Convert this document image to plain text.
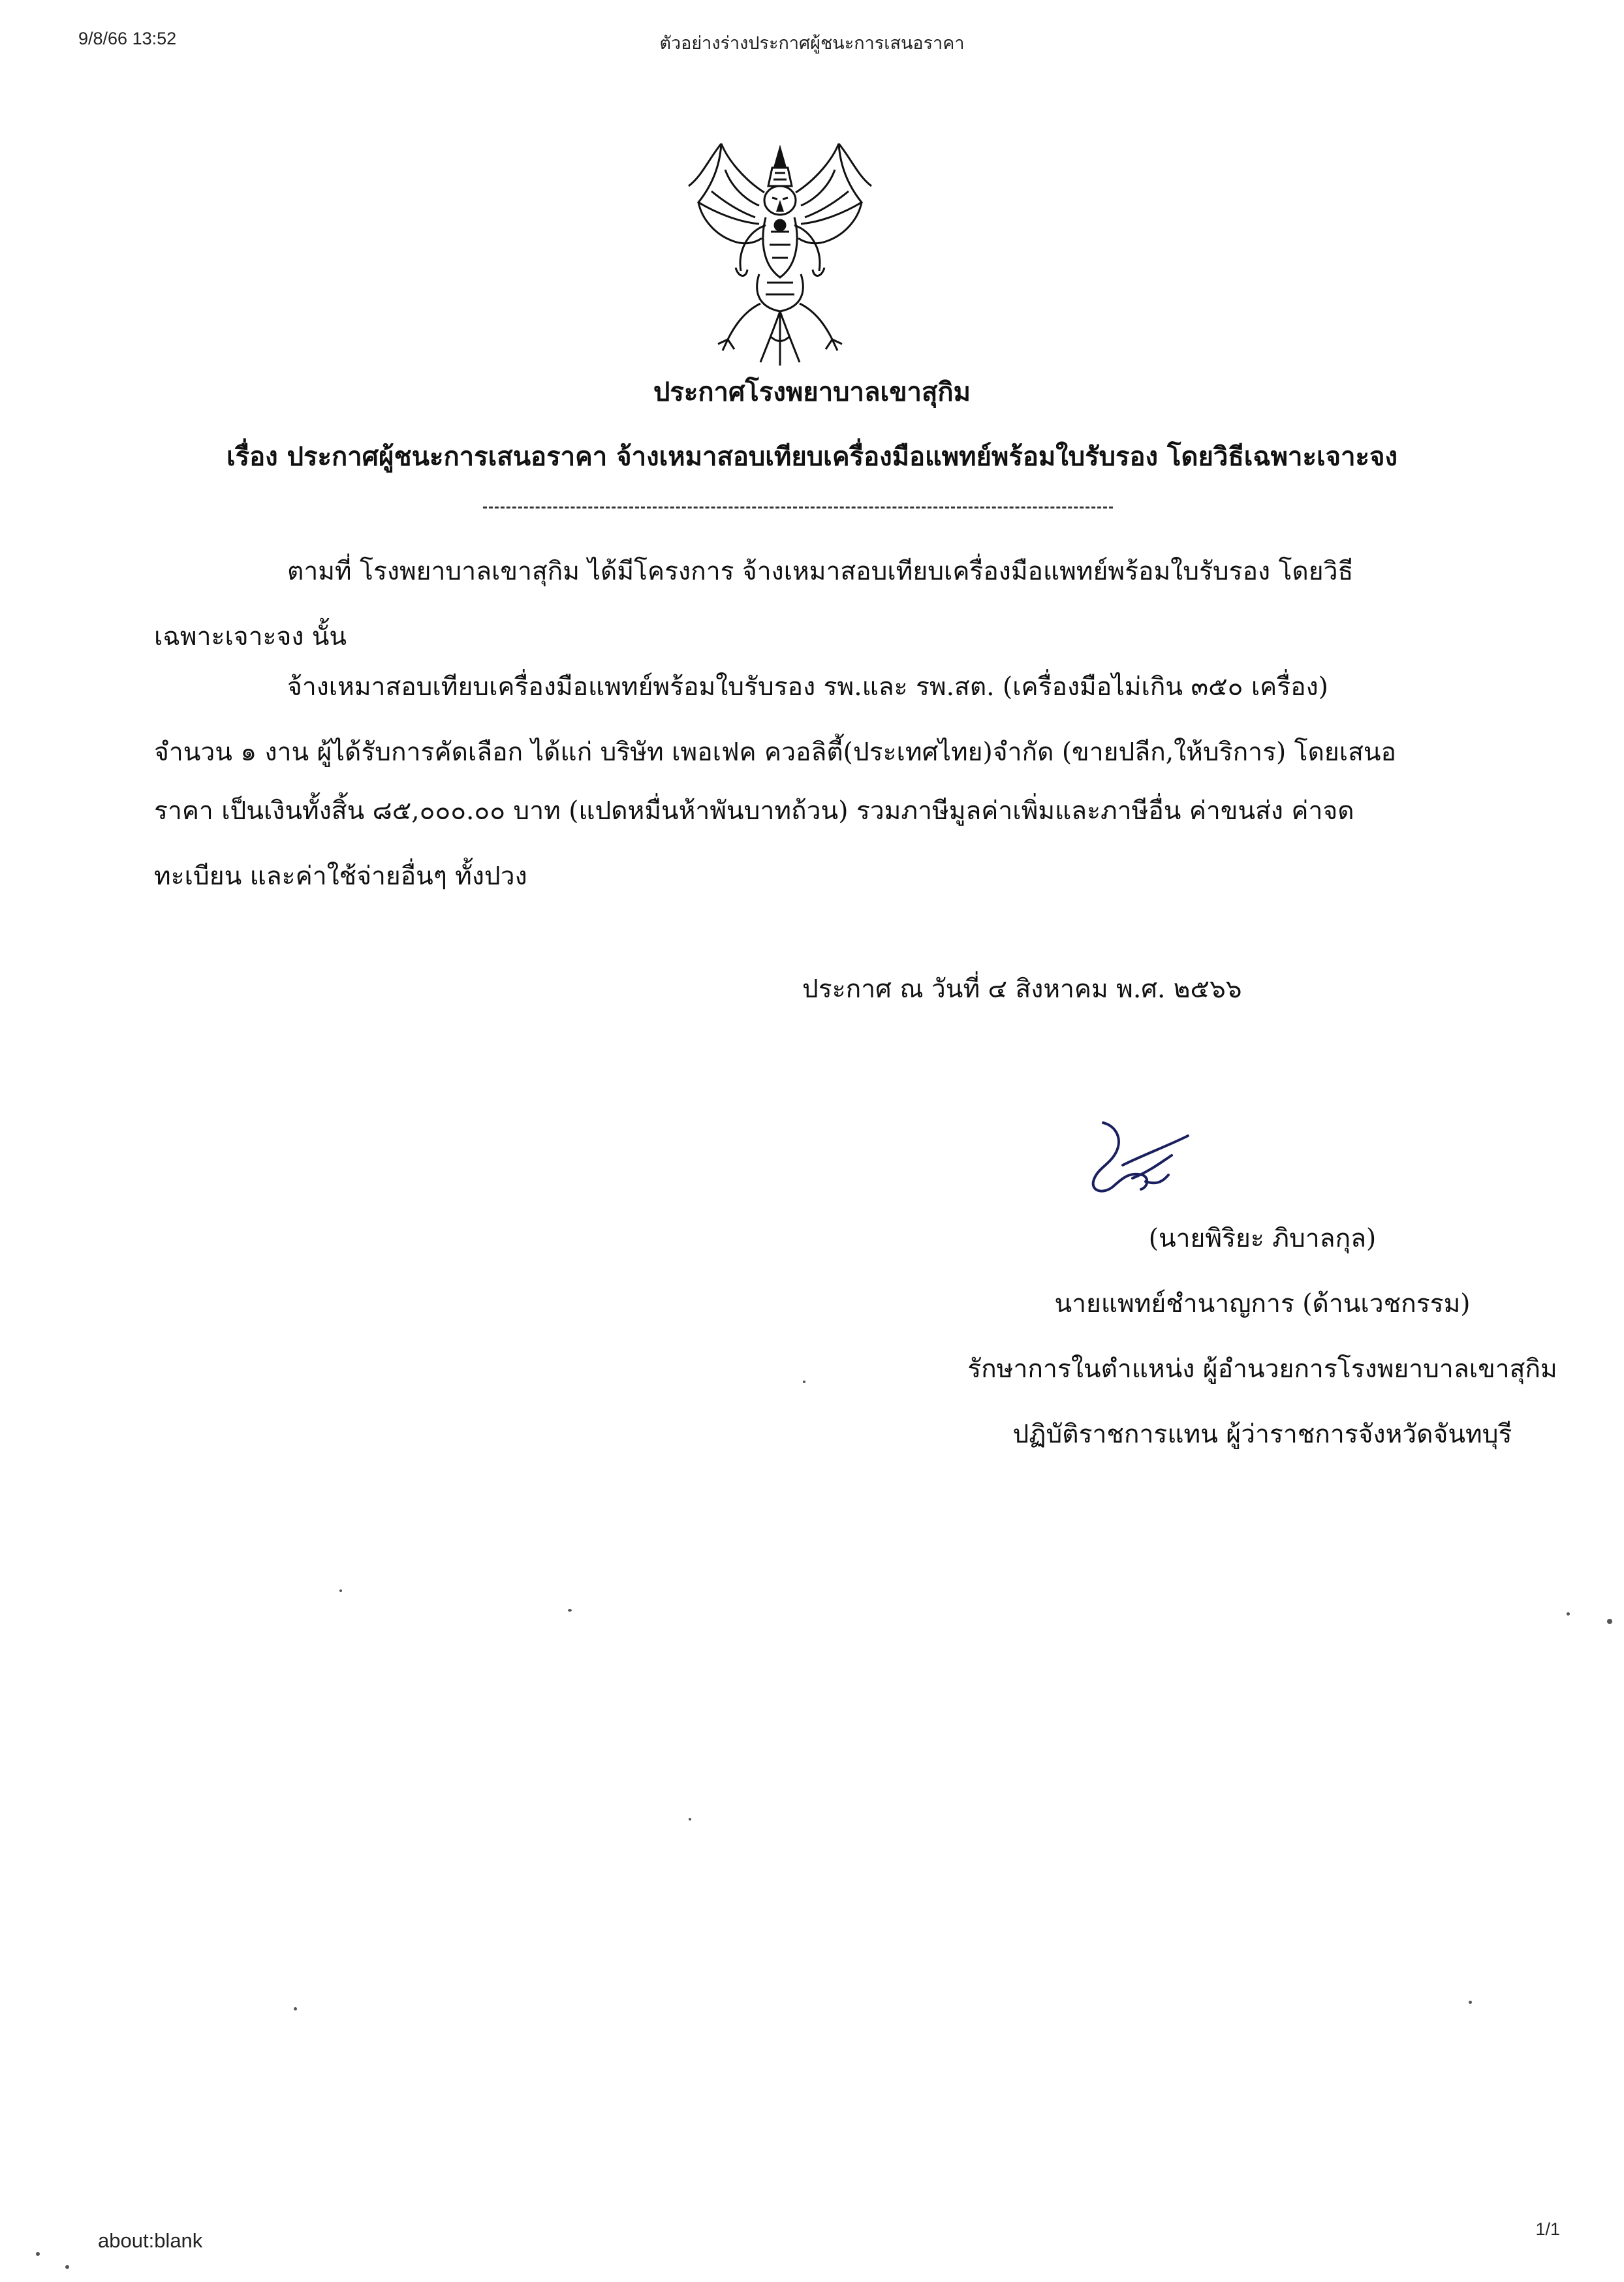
9/8/66 13:52	ตัวอย่างร่างประกาศผู้ชนะการเสนอราคา
ประกาศโรงพยาบาลเขาสุกิม
เรื่อง ประกาศผู้ชนะการเสนอราคา จ้างเหมาสอบเทียบเครื่องมือแพทย์พร้อมใบรับรอง โดยวิธีเฉพาะเจาะจง
ตามที่ โรงพยาบาลเขาสุกิม ได้มีโครงการ จ้างเหมาสอบเทียบเครื่องมือแพทย์พร้อมใบรับรอง โดยวิธี
เฉพาะเจาะจง นั้น
จ้างเหมาสอบเทียบเครื่องมือแพทย์พร้อมใบรับรอง รพ.และ รพ.สต. (เครื่องมือไม่เกิน ๓๕๐ เครื่อง)
จำนวน ๑ งาน ผู้ได้รับการคัดเลือก ได้แก่ บริษัท เพอเฟค ควอลิตี้(ประเทศไทย)จำกัด (ขายปลีก,ให้บริการ) โดยเสนอ
ราคา เป็นเงินทั้งสิ้น ๘๕,๐๐๐.๐๐ บาท (แปดหมื่นห้าพันบาทถ้วน) รวมภาษีมูลค่าเพิ่มและภาษีอื่น ค่าขนส่ง ค่าจด
ทะเบียน และค่าใช้จ่ายอื่นๆ ทั้งปวง
ประกาศ ณ วันที่ ๔ สิงหาคม พ.ศ. ๒๕๖๖
(นายพิริยะ ภิบาลกุล)
นายแพทย์ชำนาญการ (ด้านเวชกรรม)
รักษาการในตำแหน่ง ผู้อำนวยการโรงพยาบาลเขาสุกิม
ปฏิบัติราชการแทน ผู้ว่าราชการจังหวัดจันทบุรี
about:blank	1/1
